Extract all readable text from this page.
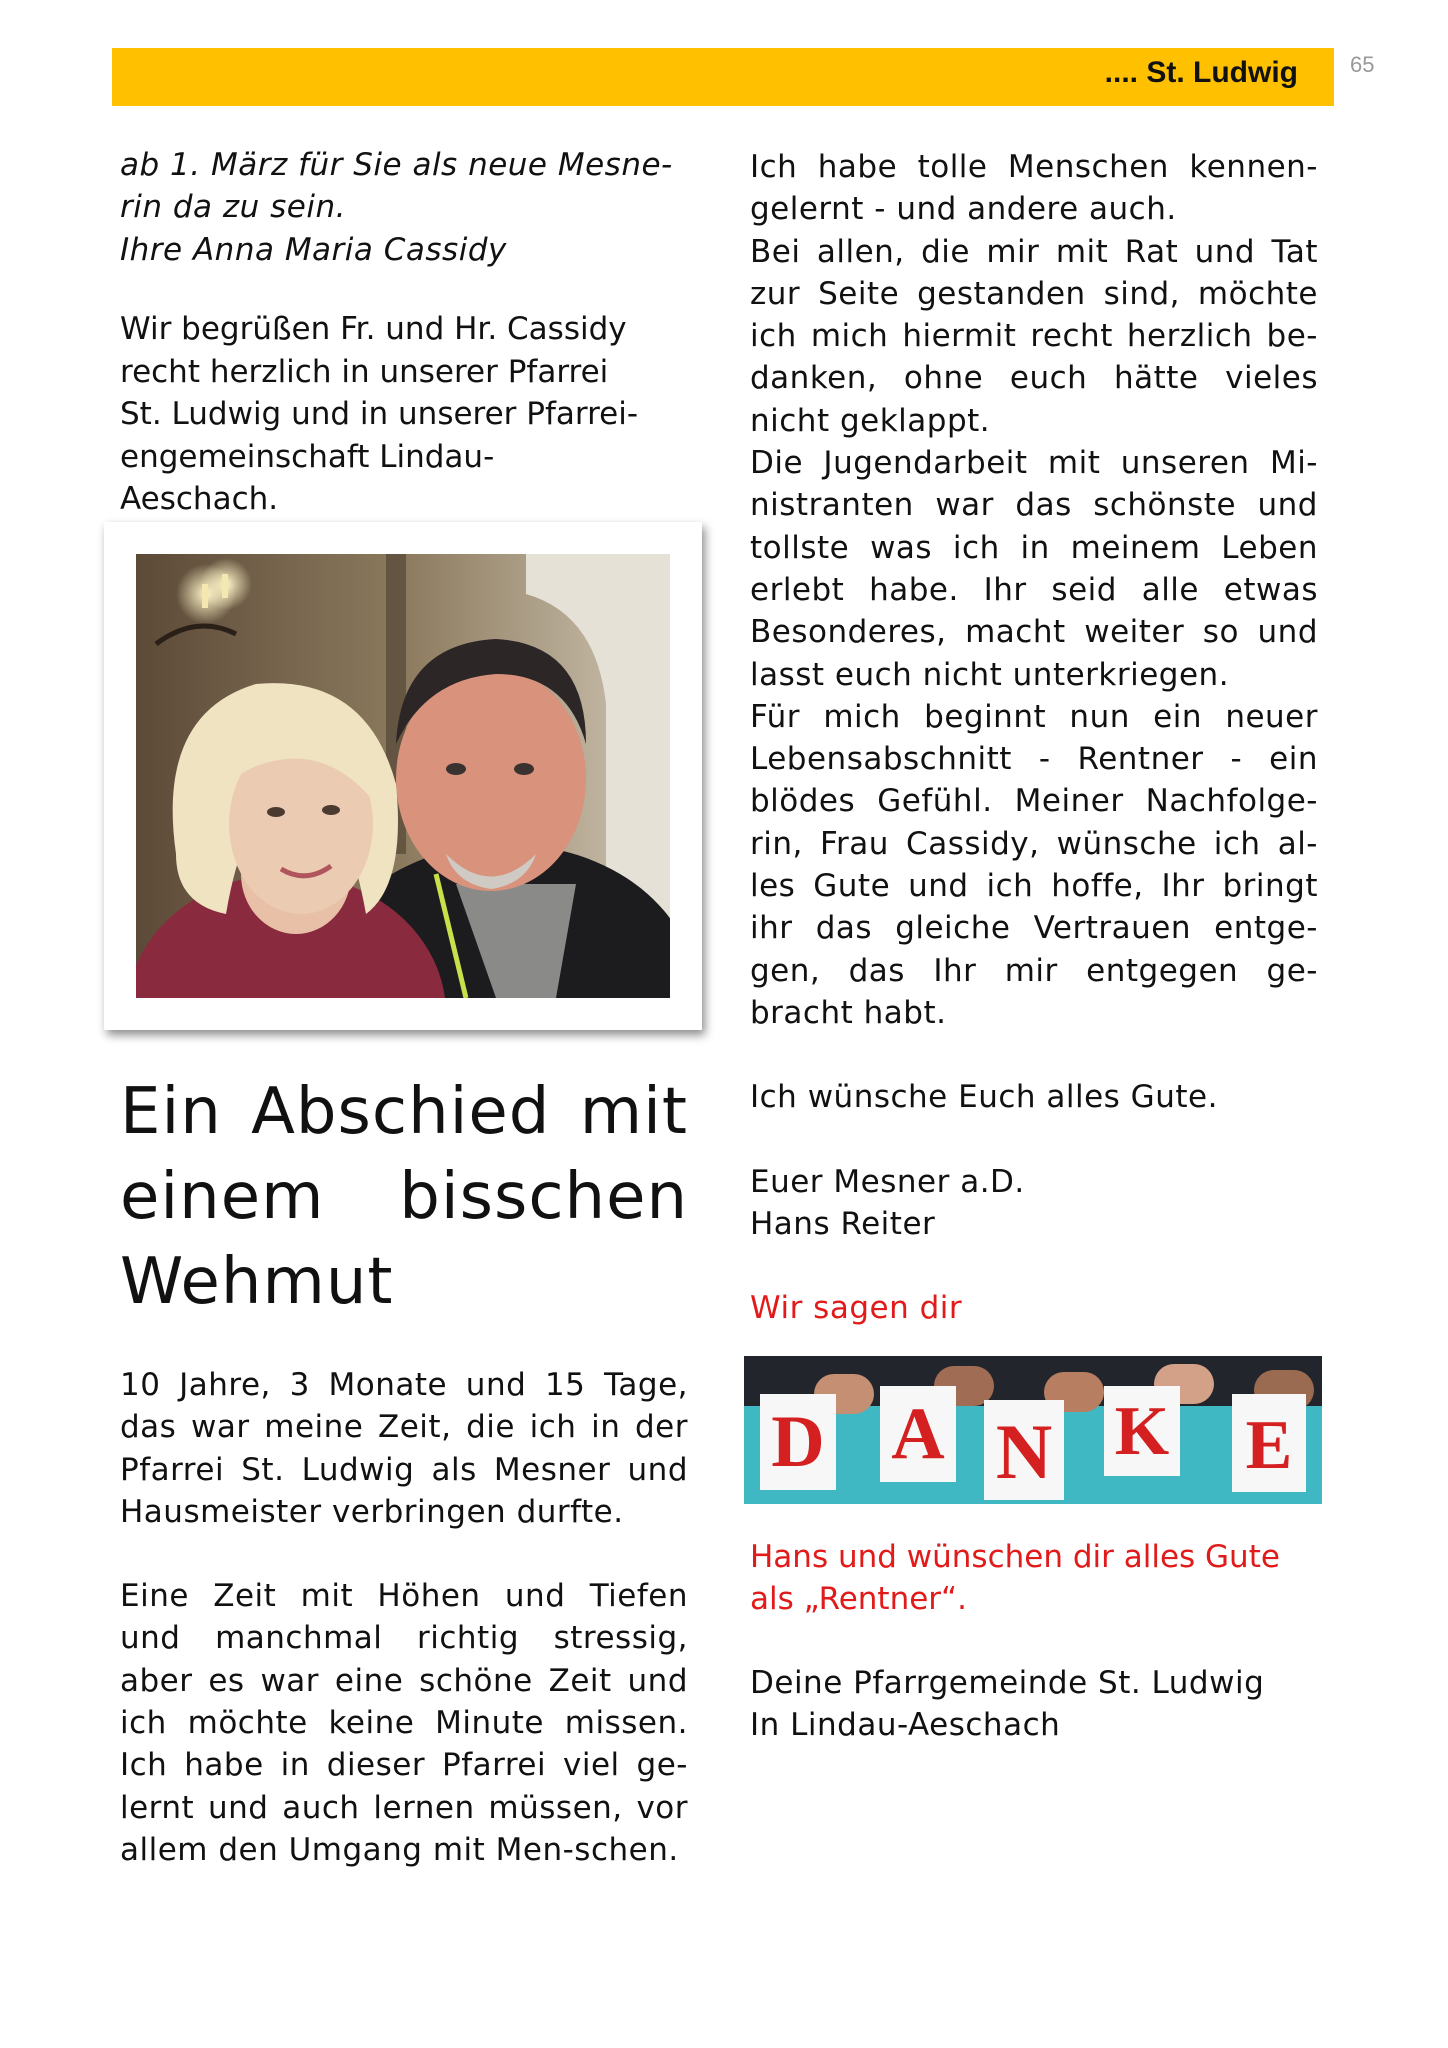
.... St. Ludwig 65

ab 1. März für Sie als neue Mesne-

rin da zu sein.

Ihre Anna Maria Cassidy

Wir begrüßen Fr. und Hr. Cassidy

recht herzlich in unserer Pfarrei

St. Ludwig und in unserer Pfarrei-

engemeinschaft Lindau-

Aeschach.

Ein Abschied mit
einem bisschen
Wehmut

10 Jahre, 3 Monate und 15 Tage, das war meine Zeit, die ich in der Pfarrei St. Ludwig als Mesner und Hausmeister verbringen durfte.

Eine Zeit mit Höhen und Tiefen und manchmal richtig stressig, aber es war eine schöne Zeit und ich möchte keine Minute missen. Ich habe in dieser Pfarrei viel ge-lernt und auch lernen müssen, vor allem den Umgang mit Men-schen.

Ich habe tolle Menschen kennen-gelernt - und andere auch.

Bei allen, die mir mit Rat und Tat zur Seite gestanden sind, möchte ich mich hiermit recht herzlich be-danken, ohne euch hätte vieles nicht geklappt.

Die Jugendarbeit mit unseren Mi-nistranten war das schönste und tollste was ich in meinem Leben erlebt habe. Ihr seid alle etwas Besonderes, macht weiter so und lasst euch nicht unterkriegen.

Für mich beginnt nun ein neuer Lebensabschnitt - Rentner - ein blödes Gefühl. Meiner Nachfolge-rin, Frau Cassidy, wünsche ich al-les Gute und ich hoffe, Ihr bringt ihr das gleiche Vertrauen entge-gen, das Ihr mir entgegen ge-bracht habt.

Ich wünsche Euch alles Gute.

Euer Mesner a.D.

Hans Reiter

Wir sagen dir

D A N K E

Hans und wünschen dir alles Gute

als „Rentner“.

Deine Pfarrgemeinde St. Ludwig

In Lindau-Aeschach
